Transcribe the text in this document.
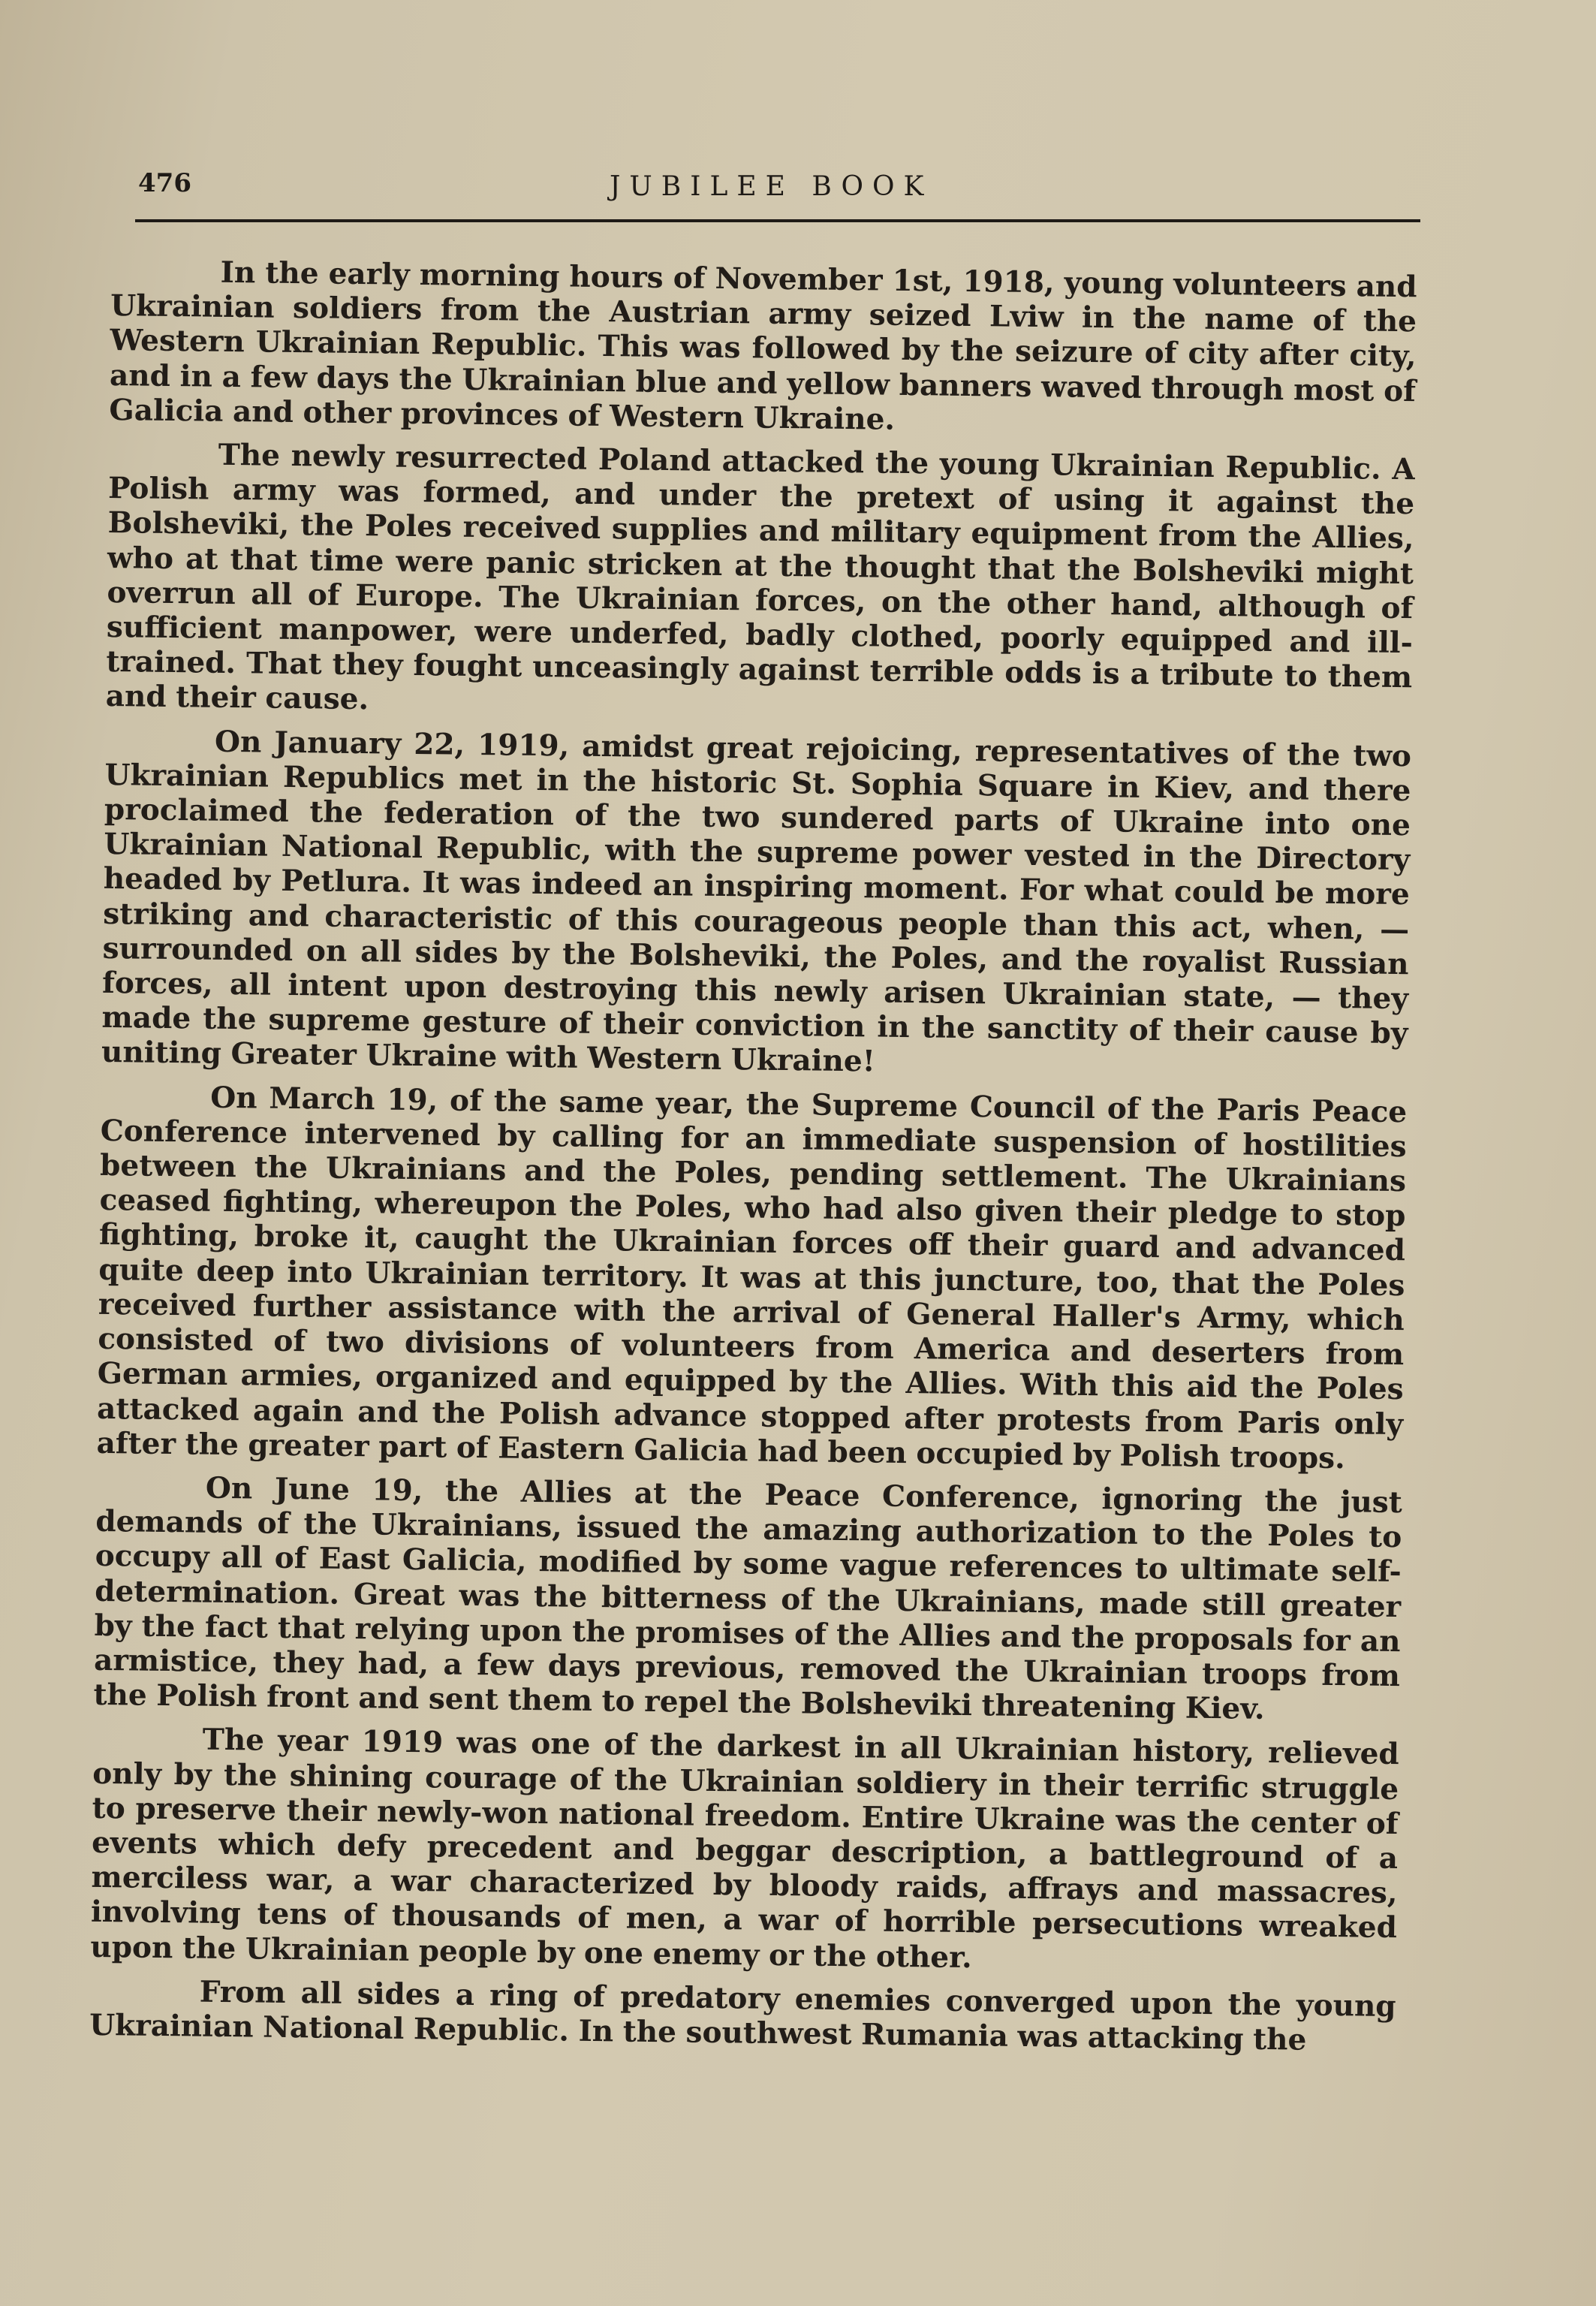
476	JUBILEE BOOK

In the early morning hours of November 1st, 1918, young volunteers and Ukrainian soldiers from the Austrian army seized Lviw in the name of the Western Ukrainian Republic. This was followed by the seizure of city after city, and in a few days the Ukrainian blue and yellow banners waved through most of Galicia and other provinces of Western Ukraine.

The newly resurrected Poland attacked the young Ukrainian Republic. A Polish army was formed, and under the pretext of using it against the Bolsheviki, the Poles received supplies and military equipment from the Allies, who at that time were panic stricken at the thought that the Bolsheviki might overrun all of Europe. The Ukrainian forces, on the other hand, although of sufficient manpower, were underfed, badly clothed, poorly equipped and ill-trained. That they fought unceasingly against terrible odds is a tribute to them and their cause.

On January 22, 1919, amidst great rejoicing, representatives of the two Ukrainian Republics met in the historic St. Sophia Square in Kiev, and there proclaimed the federation of the two sundered parts of Ukraine into one Ukrainian National Republic, with the supreme power vested in the Directory headed by Petlura. It was indeed an inspiring moment. For what could be more striking and characteristic of this courageous people than this act, when, — surrounded on all sides by the Bolsheviki, the Poles, and the royalist Russian forces, all intent upon destroying this newly arisen Ukrainian state, — they made the supreme gesture of their conviction in the sanctity of their cause by uniting Greater Ukraine with Western Ukraine!

On March 19, of the same year, the Supreme Council of the Paris Peace Conference intervened by calling for an immediate suspension of hostilities between the Ukrainians and the Poles, pending settlement. The Ukrainians ceased fighting, whereupon the Poles, who had also given their pledge to stop fighting, broke it, caught the Ukrainian forces off their guard and advanced quite deep into Ukrainian territory. It was at this juncture, too, that the Poles received further assistance with the arrival of General Haller's Army, which consisted of two divisions of volunteers from America and deserters from German armies, organized and equipped by the Allies. With this aid the Poles attacked again and the Polish advance stopped after protests from Paris only after the greater part of Eastern Galicia had been occupied by Polish troops.

On June 19, the Allies at the Peace Conference, ignoring the just demands of the Ukrainians, issued the amazing authorization to the Poles to occupy all of East Galicia, modified by some vague references to ultimate self-determination. Great was the bitterness of the Ukrainians, made still greater by the fact that relying upon the promises of the Allies and the proposals for an armistice, they had, a few days previous, removed the Ukrainian troops from the Polish front and sent them to repel the Bolsheviki threatening Kiev.

The year 1919 was one of the darkest in all Ukrainian history, relieved only by the shining courage of the Ukrainian soldiery in their terrific struggle to preserve their newly-won national freedom. Entire Ukraine was the center of events which defy precedent and beggar description, a battleground of a merciless war, a war characterized by bloody raids, affrays and massacres, involving tens of thousands of men, a war of horrible persecutions wreaked upon the Ukrainian people by one enemy or the other.

From all sides a ring of predatory enemies converged upon the young Ukrainian National Republic. In the southwest Rumania was attacking the
